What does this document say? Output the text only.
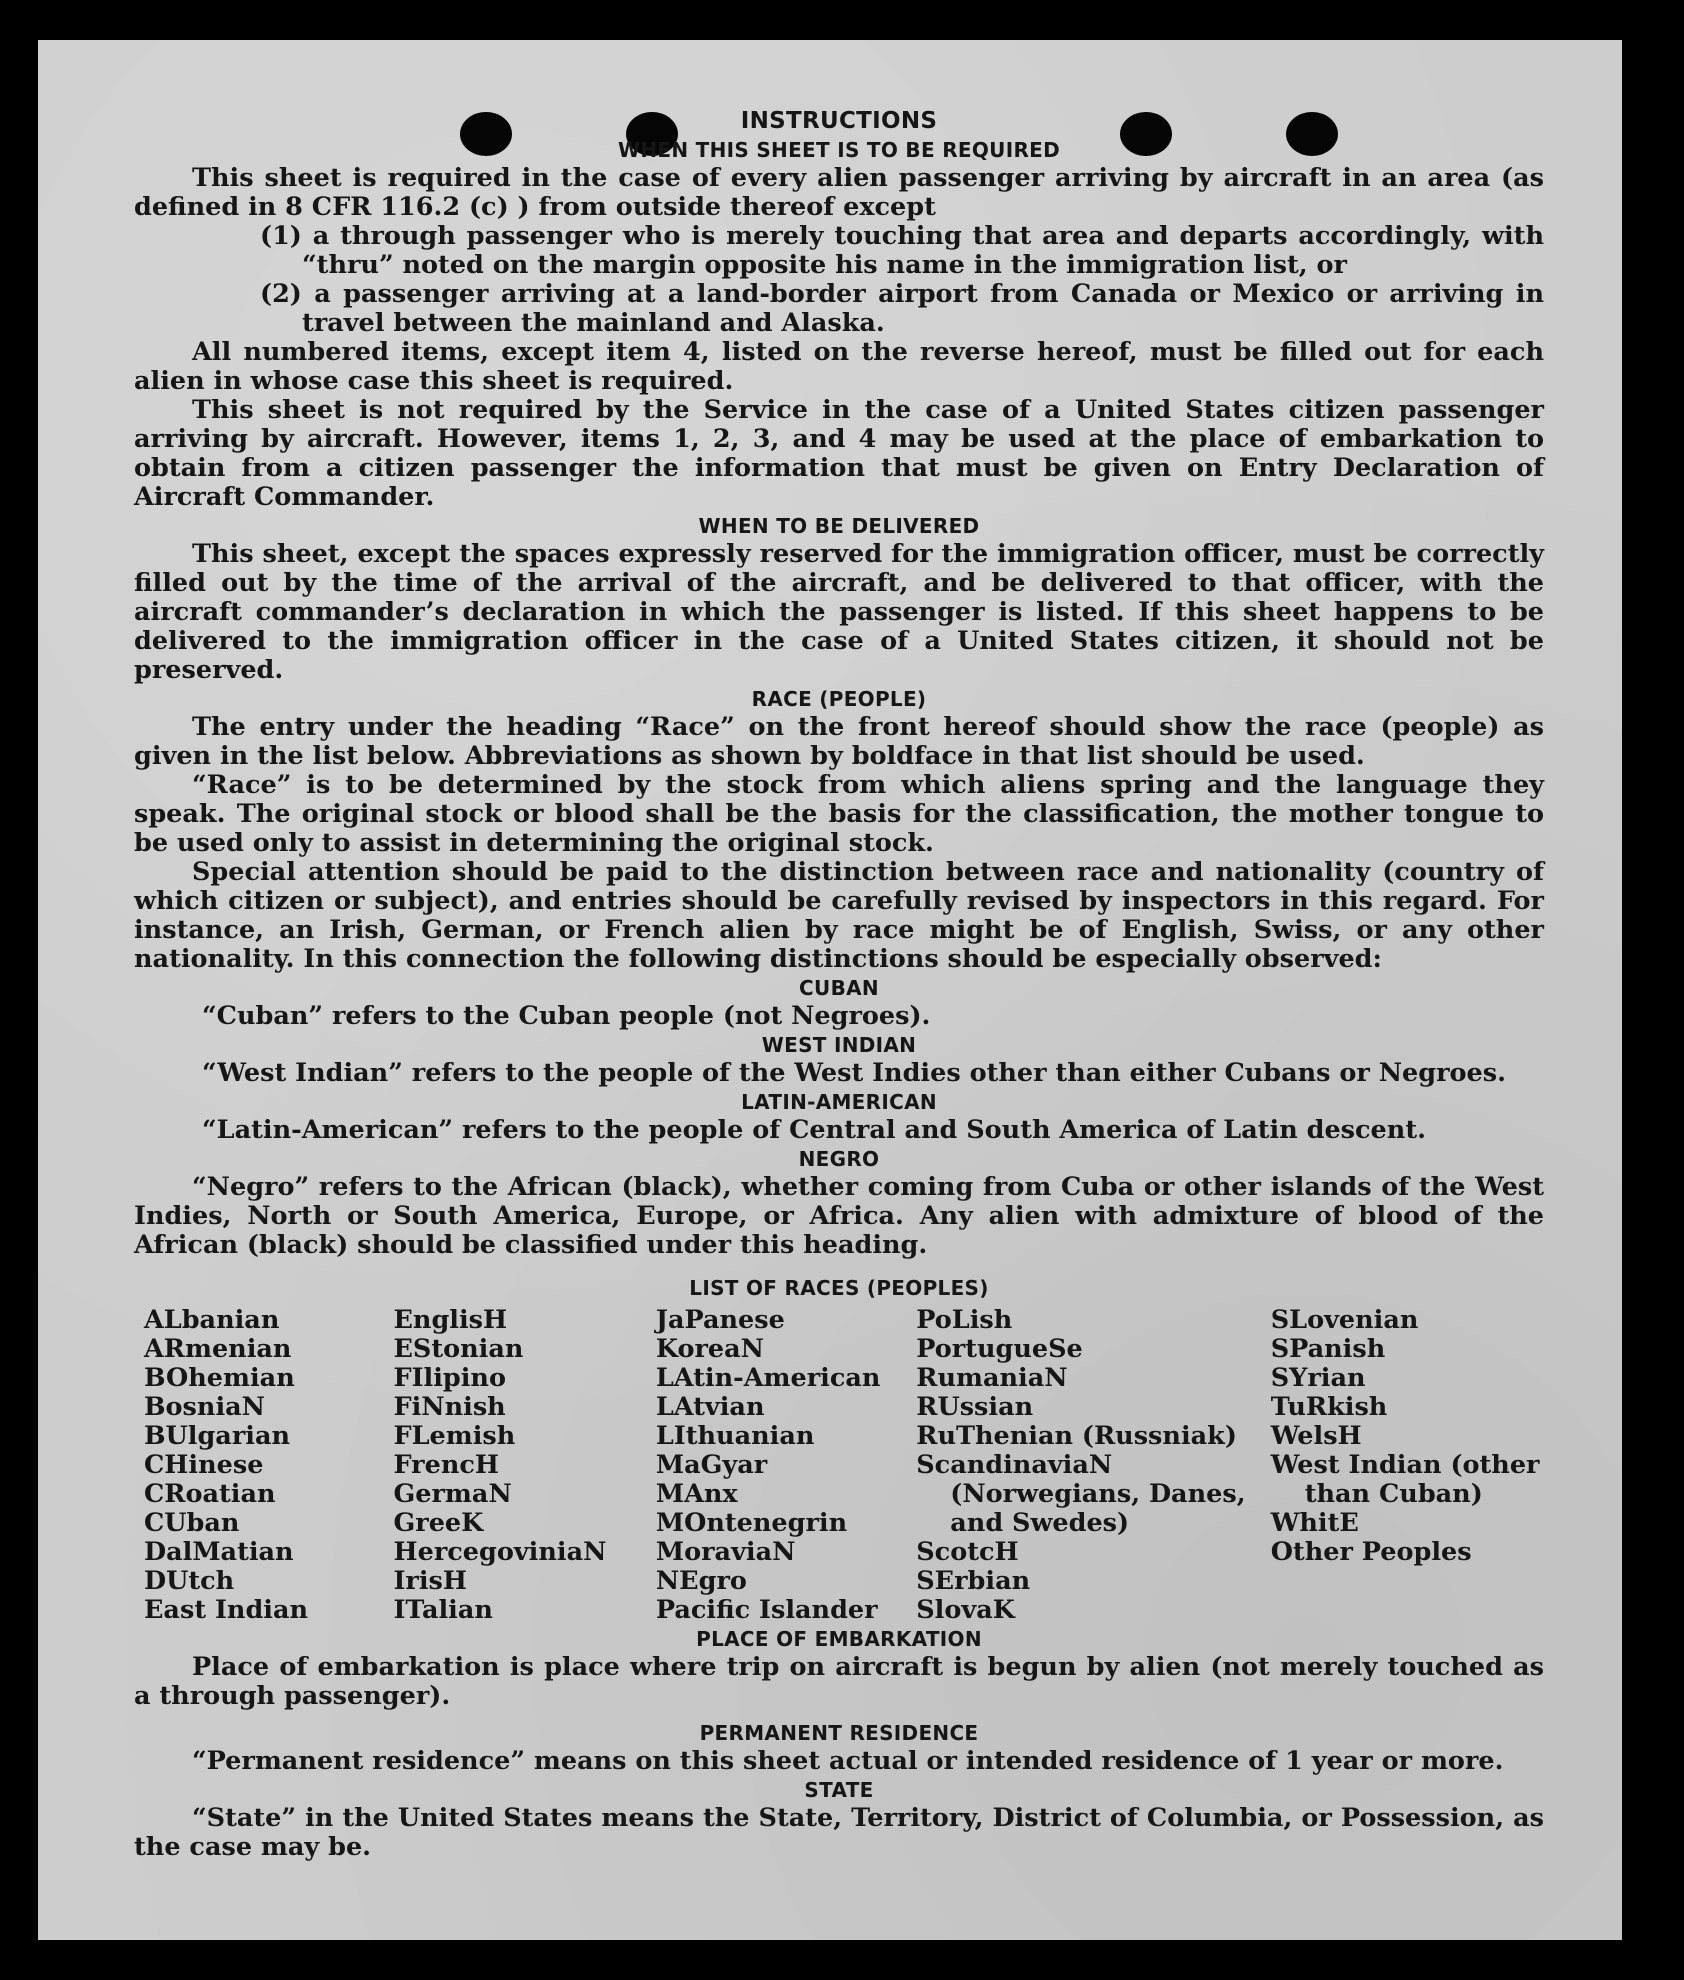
INSTRUCTIONS
WHEN THIS SHEET IS TO BE REQUIRED

This sheet is required in the case of every alien passenger arriving by aircraft in an area (as defined in 8 CFR 116.2 (c) ) from outside thereof except

(1) a through passenger who is merely touching that area and departs accordingly, with “thru” noted on the margin opposite his name in the immigration list, or

(2) a passenger arriving at a land-border airport from Canada or Mexico or arriving in travel between the mainland and Alaska.

All numbered items, except item 4, listed on the reverse hereof, must be filled out for each alien in whose case this sheet is required.

This sheet is not required by the Service in the case of a United States citizen passenger arriving by aircraft. However, items 1, 2, 3, and 4 may be used at the place of embarkation to obtain from a citizen passenger the information that must be given on Entry Declaration of Aircraft Commander.

WHEN TO BE DELIVERED

This sheet, except the spaces expressly reserved for the immigration officer, must be correctly filled out by the time of the arrival of the aircraft, and be delivered to that officer, with the aircraft commander’s declaration in which the passenger is listed. If this sheet happens to be delivered to the immigration officer in the case of a United States citizen, it should not be preserved.

RACE (PEOPLE)

The entry under the heading “Race” on the front hereof should show the race (people) as given in the list below. Abbreviations as shown by boldface in that list should be used.

“Race” is to be determined by the stock from which aliens spring and the language they speak. The original stock or blood shall be the basis for the classification, the mother tongue to be used only to assist in determining the original stock.

Special attention should be paid to the distinction between race and nationality (country of which citizen or subject), and entries should be carefully revised by inspectors in this regard. For instance, an Irish, German, or French alien by race might be of English, Swiss, or any other nationality. In this connection the following distinctions should be especially observed:

CUBAN

“Cuban” refers to the Cuban people (not Negroes).

WEST INDIAN

“West Indian” refers to the people of the West Indies other than either Cubans or Negroes.

LATIN-AMERICAN

“Latin-American” refers to the people of Central and South America of Latin descent.

NEGRO

“Negro” refers to the African (black), whether coming from Cuba or other islands of the West Indies, North or South America, Europe, or Africa. Any alien with admixture of blood of the African (black) should be classified under this heading.

LIST OF RACES (PEOPLES)
ALbanian
ARmenian
BOhemian
BosniaN
BUlgarian
CHinese
CRoatian
CUban
DalMatian
DUtch
East Indian
EnglisH
EStonian
FIlipino
FiNnish
FLemish
FrencH
GermaN
GreeK
HercegoviniaN
IrisH
ITalian
JaPanese
KoreaN
LAtin-American
LAtvian
LIthuanian
MaGyar
MAnx
MOntenegrin
MoraviaN
NEgro
Pacific Islander
PoLish
PortugueSe
RumaniaN
RUssian
RuThenian (Russniak)
ScandinaviaN (Norwegians, Danes, and Swedes)
ScotcH
SErbian
SlovaK
SLovenian
SPanish
SYrian
TuRkish
WelsH
West Indian (other than Cuban)
WhitE
Other Peoples
PLACE OF EMBARKATION

Place of embarkation is place where trip on aircraft is begun by alien (not merely touched as a through passenger).

PERMANENT RESIDENCE

“Permanent residence” means on this sheet actual or intended residence of 1 year or more.

STATE

“State” in the United States means the State, Territory, District of Columbia, or Possession, as the case may be.
